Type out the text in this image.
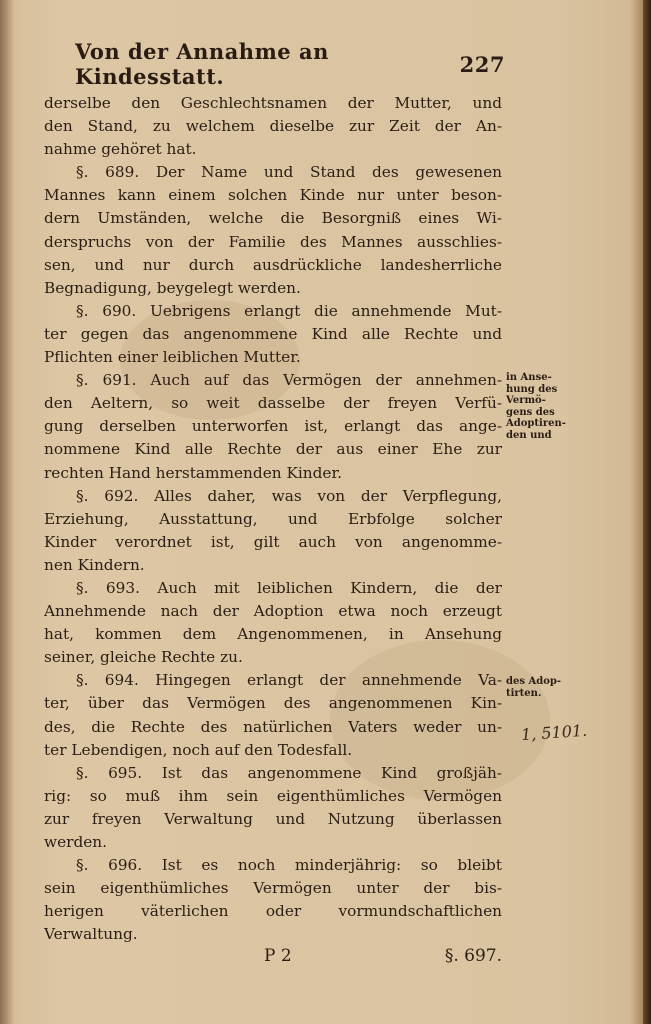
Von der Annahme an Kindesstatt.	227
derselbe den Geschlechtsnamen der Mutter, und
den Stand, zu welchem dieselbe zur Zeit der An-
nahme gehöret hat.
§. 689. Der Name und Stand des gewesenen
Mannes kann einem solchen Kinde nur unter beson-
dern Umständen, welche die Besorgniß eines Wi-
derspruchs von der Familie des Mannes ausschlies-
sen, und nur durch ausdrückliche landesherrliche
Begnadigung, beygelegt werden.
§. 690. Uebrigens erlangt die annehmende Mut-
ter gegen das angenommene Kind alle Rechte und
Pflichten einer leiblichen Mutter.
§. 691. Auch auf das Vermögen der annehmen-
den Aeltern, so weit dasselbe der freyen Verfü-
gung derselben unterworfen ist, erlangt das ange-
nommene Kind alle Rechte der aus einer Ehe zur
rechten Hand herstammenden Kinder.
§. 692. Alles daher, was von der Verpflegung,
Erziehung, Ausstattung, und Erbfolge solcher
Kinder verordnet ist, gilt auch von angenomme-
nen Kindern.
§. 693. Auch mit leiblichen Kindern, die der
Annehmende nach der Adoption etwa noch erzeugt
hat, kommen dem Angenommenen, in Ansehung
seiner, gleiche Rechte zu.
§. 694. Hingegen erlangt der annehmende Va-
ter, über das Vermögen des angenommenen Kin-
des, die Rechte des natürlichen Vaters weder un-
ter Lebendigen, noch auf den Todesfall.
§. 695. Ist das angenommene Kind großjäh-
rig: so muß ihm sein eigenthümliches Vermögen
zur freyen Verwaltung und Nutzung überlassen
werden.
§. 696. Ist es noch minderjährig: so bleibt
sein eigenthümliches Vermögen unter der bis-
herigen väterlichen oder vormundschaftlichen
Verwaltung.
in Ansе-
hung des
Vermö-
gens des
Adoptiren-
den und
des Adop-
tirten.
1, 5101.
P 2	§. 697.
